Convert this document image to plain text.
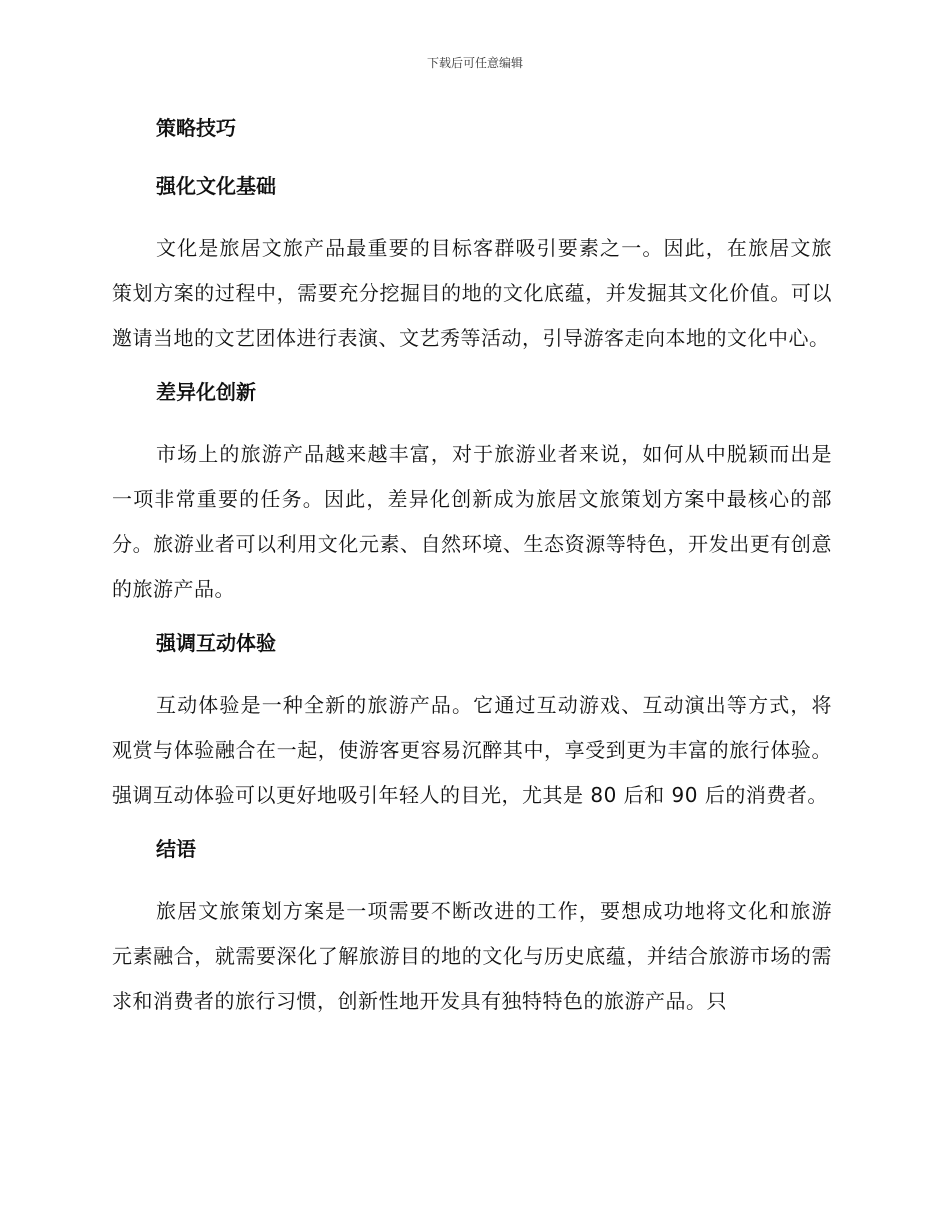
下载后可任意编辑
策略技巧
强化文化基础

文化是旅居文旅产品最重要的目标客群吸引要素之一。因此，在旅居文旅策划方案的过程中，需要充分挖掘目的地的文化底蕴，并发掘其文化价值。可以邀请当地的文艺团体进行表演、文艺秀等活动，引导游客走向本地的文化中心。

差异化创新

市场上的旅游产品越来越丰富，对于旅游业者来说，如何从中脱颖而出是一项非常重要的任务。因此，差异化创新成为旅居文旅策划方案中最核心的部分。旅游业者可以利用文化元素、自然环境、生态资源等特色，开发出更有创意的旅游产品。

强调互动体验

互动体验是一种全新的旅游产品。它通过互动游戏、互动演出等方式，将观赏与体验融合在一起，使游客更容易沉醉其中，享受到更为丰富的旅行体验。强调互动体验可以更好地吸引年轻人的目光，尤其是 80 后和 90 后的消费者。

结语

旅居文旅策划方案是一项需要不断改进的工作，要想成功地将文化和旅游元素融合，就需要深化了解旅游目的地的文化与历史底蕴，并结合旅游市场的需求和消费者的旅行习惯，创新性地开发具有独特特色的旅游产品。只
